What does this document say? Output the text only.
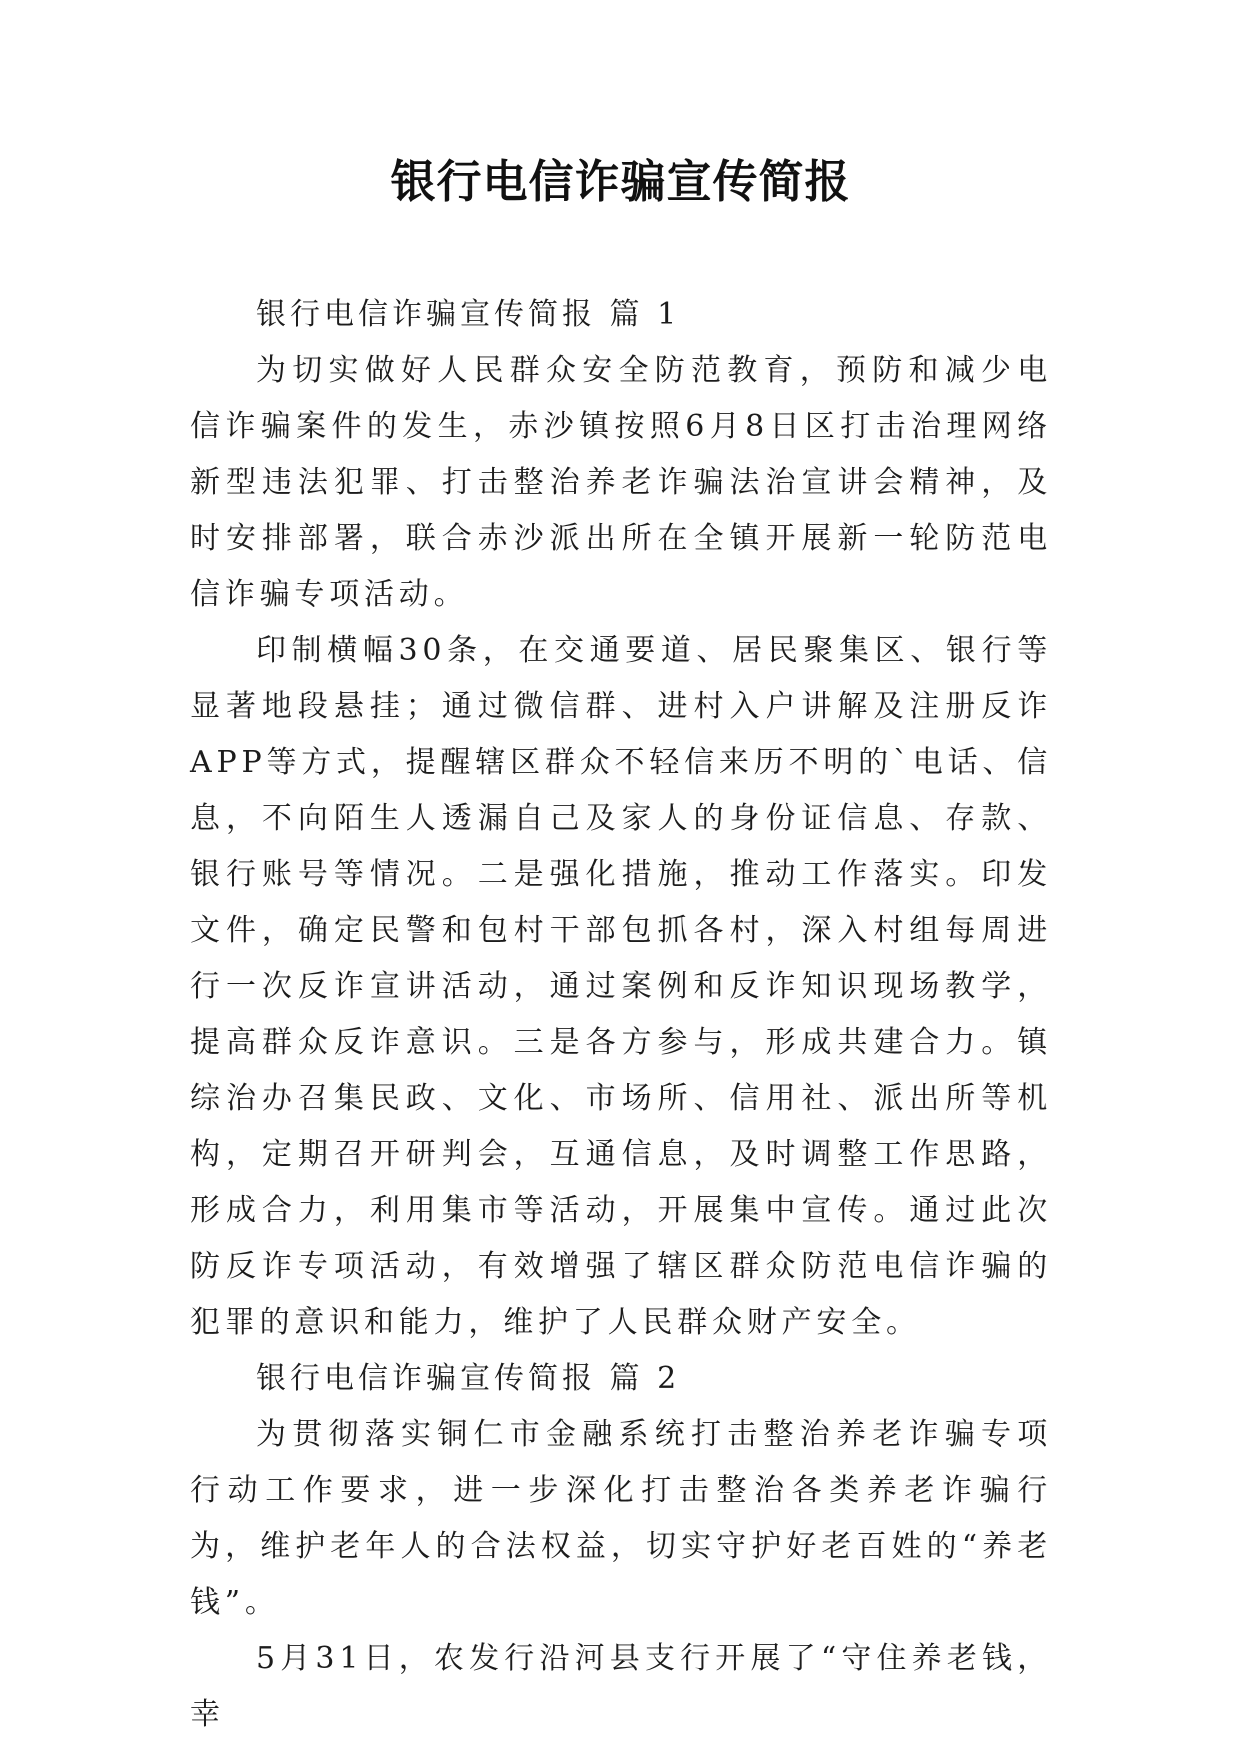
银行电信诈骗宣传简报

银行电信诈骗宣传简报 篇 1

为切实做好人民群众安全防范教育，预防和减少电信诈骗案件的发生，赤沙镇按照6月8日区打击治理网络新型违法犯罪、打击整治养老诈骗法治宣讲会精神，及时安排部署，联合赤沙派出所在全镇开展新一轮防范电信诈骗专项活动。

印制横幅30条，在交通要道、居民聚集区、银行等显著地段悬挂；通过微信群、进村入户讲解及注册反诈APP等方式，提醒辖区群众不轻信来历不明的`电话、信息，不向陌生人透漏自己及家人的身份证信息、存款、银行账号等情况。二是强化措施，推动工作落实。印发文件，确定民警和包村干部包抓各村，深入村组每周进行一次反诈宣讲活动，通过案例和反诈知识现场教学，提高群众反诈意识。三是各方参与，形成共建合力。镇综治办召集民政、文化、市场所、信用社、派出所等机构，定期召开研判会，互通信息，及时调整工作思路，形成合力，利用集市等活动，开展集中宣传。通过此次防反诈专项活动，有效增强了辖区群众防范电信诈骗的犯罪的意识和能力，维护了人民群众财产安全。

银行电信诈骗宣传简报 篇 2

为贯彻落实铜仁市金融系统打击整治养老诈骗专项行动工作要求，进一步深化打击整治各类养老诈骗行为，维护老年人的合法权益，切实守护好老百姓的“养老钱”。

5月31日，农发行沿河县支行开展了“守住养老钱，幸
